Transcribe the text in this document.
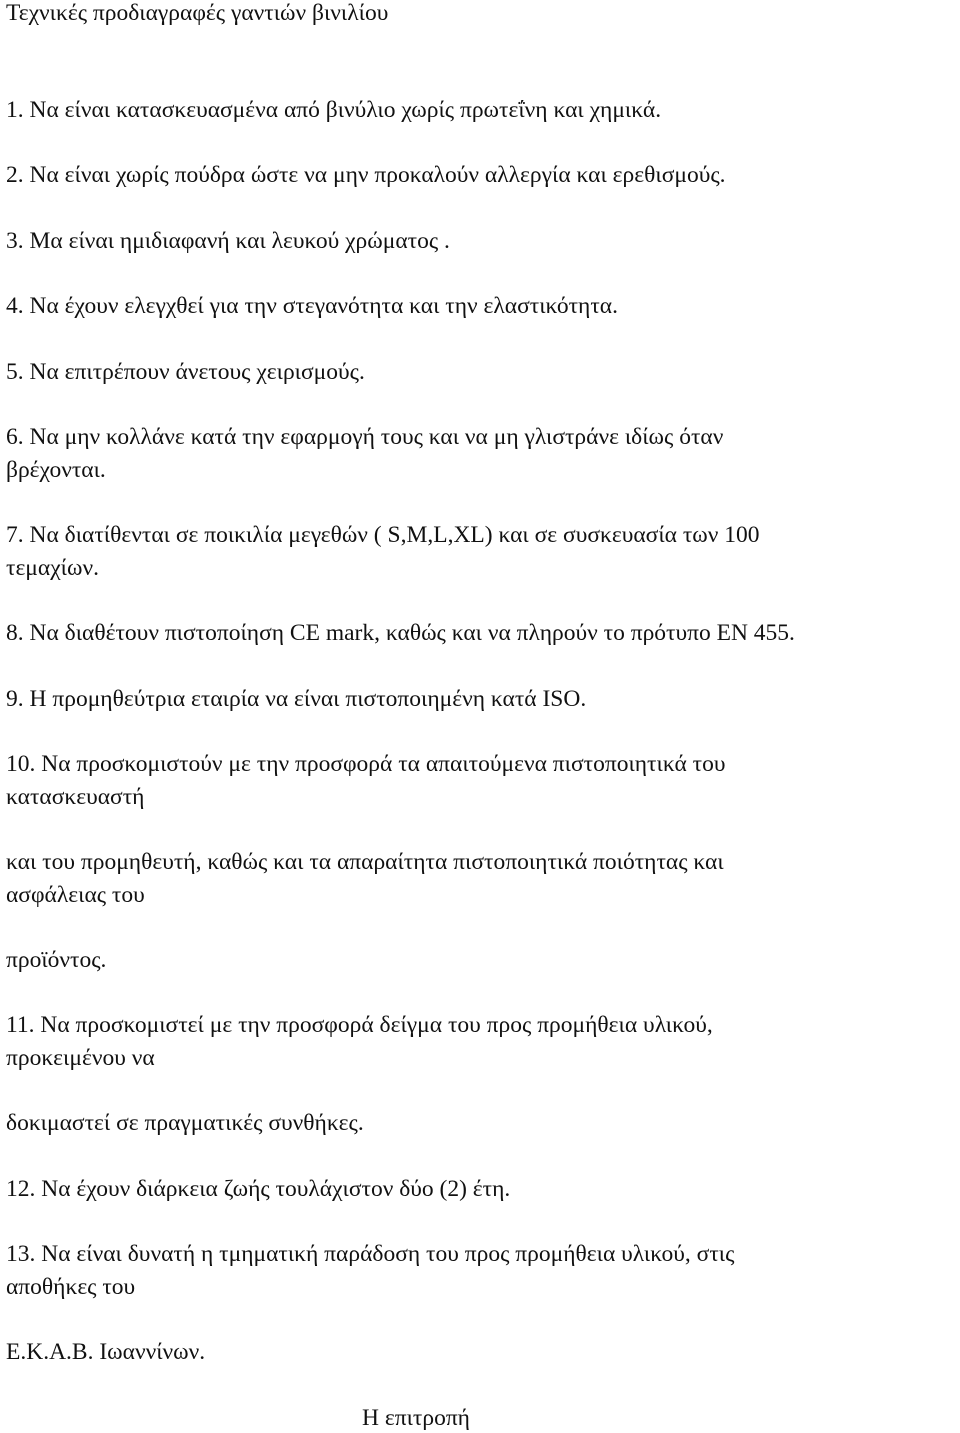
Τεχνικές προδιαγραφές γαντιών βινιλίου
1. Να είναι κατασκευασμένα από βινύλιο χωρίς πρωτεΐνη και χημικά.
2. Να είναι χωρίς πούδρα ώστε να μην προκαλούν αλλεργία και ερεθισμούς.
3. Μα είναι ημιδιαφανή και λευκού χρώματος .
4. Να έχουν ελεγχθεί για την στεγανότητα και την ελαστικότητα.
5. Να επιτρέπουν άνετους χειρισμούς.
6. Να μην κολλάνε κατά την εφαρμογή τους και να μη γλιστράνε ιδίως όταν
βρέχονται.
7. Να διατίθενται σε ποικιλία μεγεθών ( S,M,L,XL) και σε συσκευασία των 100
τεμαχίων.
8. Να διαθέτουν πιστοποίηση CE mark, καθώς και να πληρούν το πρότυπο EN 455.
9. Η προμηθεύτρια εταιρία να είναι πιστοποιημένη κατά ISO.
10. Να προσκομιστούν με την προσφορά τα απαιτούμενα πιστοποιητικά του
κατασκευαστή
και του προμηθευτή, καθώς και τα απαραίτητα πιστοποιητικά ποιότητας και
ασφάλειας του
προϊόντος.
11. Να προσκομιστεί με την προσφορά δείγμα του προς προμήθεια υλικού,
προκειμένου να
δοκιμαστεί σε πραγματικές συνθήκες.
12. Να έχουν διάρκεια ζωής τουλάχιστον δύο (2) έτη.
13. Να είναι δυνατή η τμηματική παράδοση του προς προμήθεια υλικού, στις
αποθήκες του
Ε.Κ.Α.Β. Ιωαννίνων.
Η επιτροπή
